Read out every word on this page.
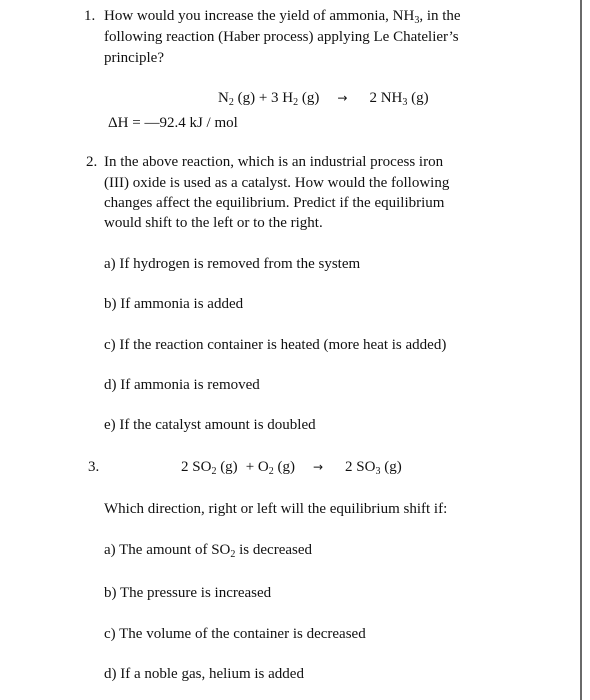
1. How would you increase the yield of ammonia, $NH_3$, in the
following reaction (Haber process) applying Le Chatelier’s
principle?
$N_2$ (g) + 3 $H_2$ (g) → 2 $NH_3$ (g)
ΔH = —92.4 kJ / mol
2. In the above reaction, which is an industrial process iron
(III) oxide is used as a catalyst. How would the following
changes affect the equilibrium. Predict if the equilibrium
would shift to the left or to the right.
a) If hydrogen is removed from the system
b) If ammonia is added
c) If the reaction container is heated (more heat is added)
d) If ammonia is removed
e) If the catalyst amount is doubled
3.	2 $SO_2$ $(g) + O_2$ (g) → 2 $SO_3$ (g)
Which direction, right or left will the equilibrium shift if:
a) The amount of $SO_2$ is decreased
b) The pressure is increased
c) The volume of the container is decreased
d) If a noble gas, helium is added
